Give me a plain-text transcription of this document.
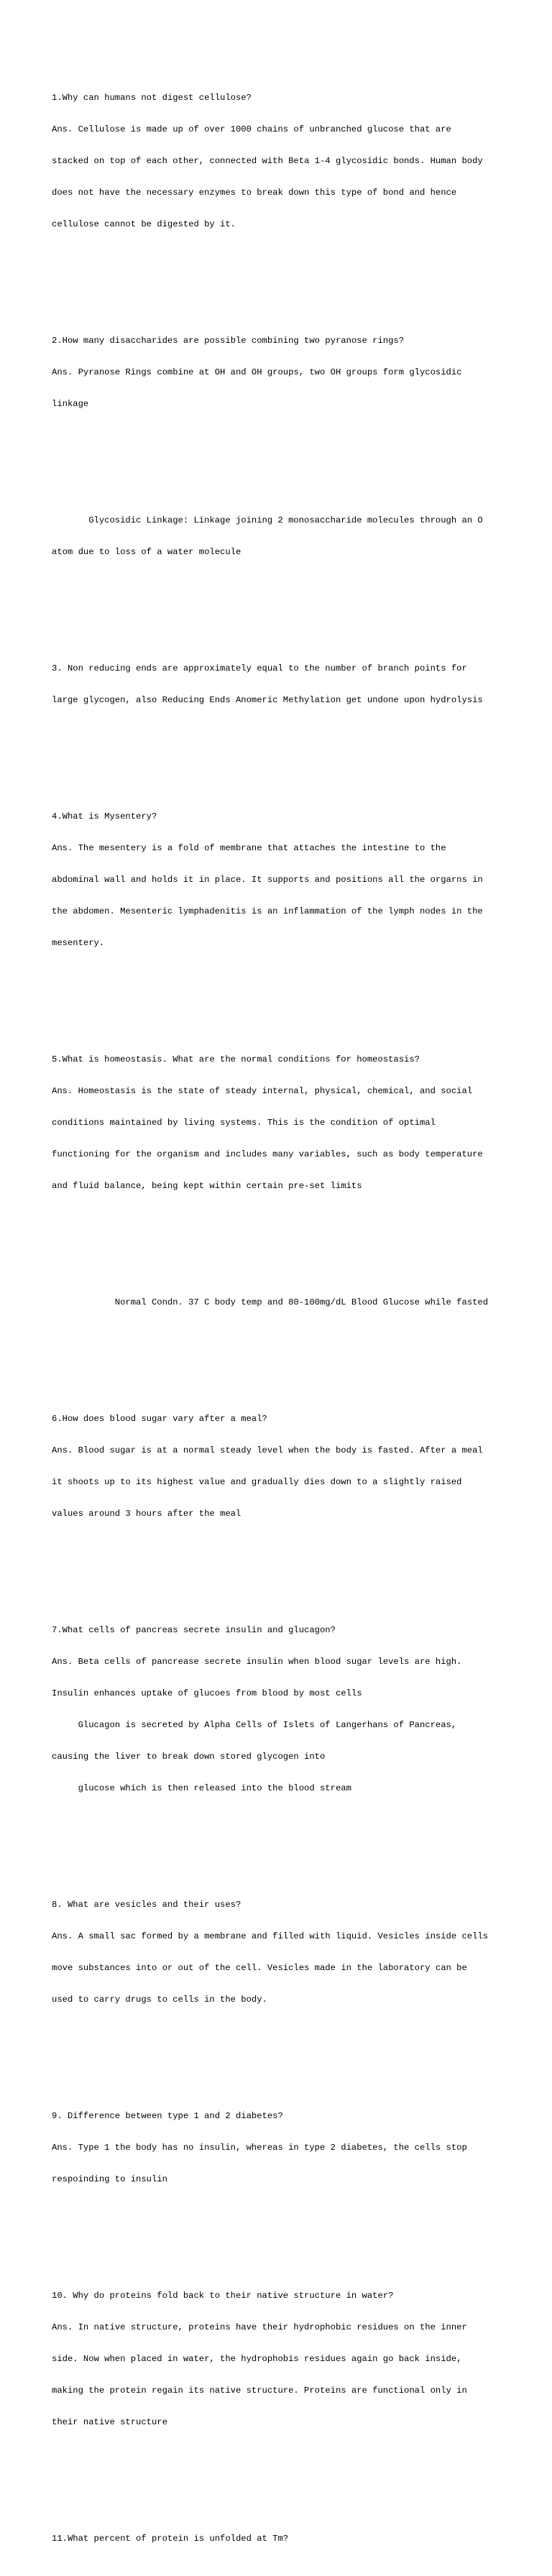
1.Why can humans not digest cellulose?

Ans. Cellulose is made up of over 1000 chains of unbranched glucose that are

stacked on top of each other, connected with Beta 1-4 glycosidic bonds. Human body

does not have the necessary enzymes to break down this type of bond and hence

cellulose cannot be digested by it.

2.How many disaccharides are possible combining two pyranose rings?

Ans. Pyranose Rings combine at OH and OH groups, two OH groups form glycosidic

linkage

Glycosidic Linkage: Linkage joining 2 monosaccharide molecules through an O

atom due to loss of a water molecule

3. Non reducing ends are approximately equal to the number of branch points for

large glycogen, also Reducing Ends Anomeric Methylation get undone upon hydrolysis

4.What is Mysentery?

Ans. The mesentery is a fold of membrane that attaches the intestine to the

abdominal wall and holds it in place. It supports and positions all the orgarns in

the abdomen. Mesenteric lymphadenitis is an inflammation of the lymph nodes in the

mesentery.

5.What is homeostasis. What are the normal conditions for homeostasis?

Ans. Homeostasis is the state of steady internal, physical, chemical, and social

conditions maintained by living systems. This is the condition of optimal

functioning for the organism and includes many variables, such as body temperature

and fluid balance, being kept within certain pre-set limits

Normal Condn. 37 C body temp and 80-100mg/dL Blood Glucose while fasted

6.How does blood sugar vary after a meal?

Ans. Blood sugar is at a normal steady level when the body is fasted. After a meal

it shoots up to its highest value and gradually dies down to a slightly raised

values around 3 hours after the meal

7.What cells of pancreas secrete insulin and glucagon?

Ans. Beta cells of pancrease secrete insulin when blood sugar levels are high.

Insulin enhances uptake of glucoes from blood by most cells

Glucagon is secreted by Alpha Cells of Islets of Langerhans of Pancreas,

causing the liver to break down stored glycogen into

glucose which is then released into the blood stream

8. What are vesicles and their uses?

Ans. A small sac formed by a membrane and filled with liquid. Vesicles inside cells

move substances into or out of the cell. Vesicles made in the laboratory can be

used to carry drugs to cells in the body.

9. Difference between type 1 and 2 diabetes?

Ans. Type 1 the body has no insulin, whereas in type 2 diabetes, the cells stop

respoinding to insulin

10. Why do proteins fold back to their native structure in water?

Ans. In native structure, proteins have their hydrophobic residues on the inner

side. Now when placed in water, the hydrophobis residues again go back inside,

making the protein regain its native structure. Proteins are functional only in

their native structure

11.What percent of protein is unfolded at Tm?
